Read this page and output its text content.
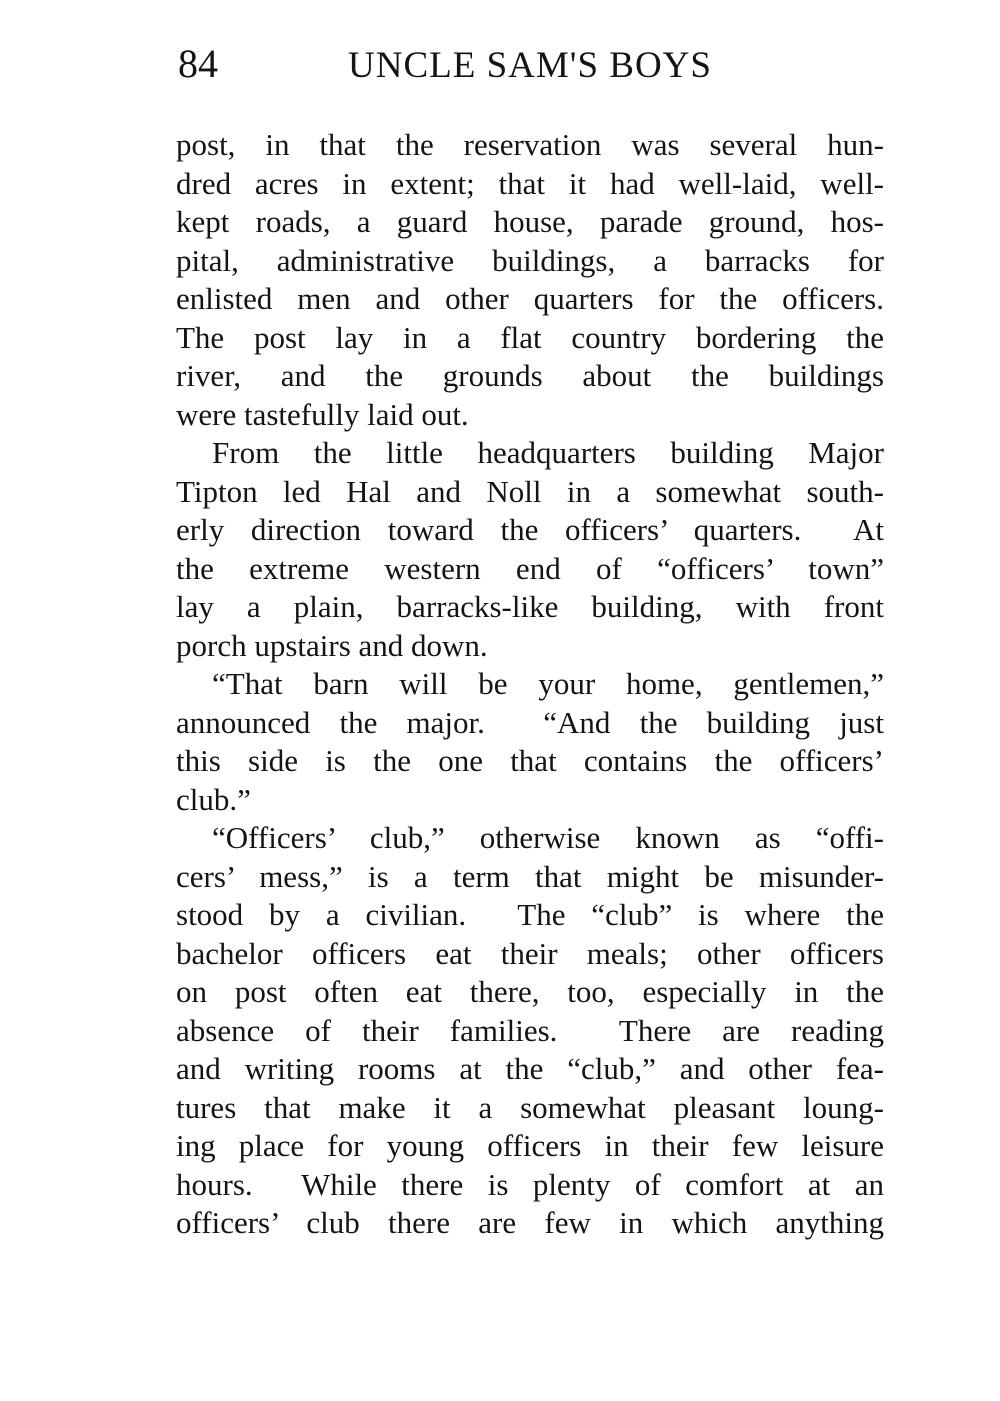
84	UNCLE SAM'S BOYS
post, in that the reservation was several hun-
dred acres in extent; that it had well-laid, well-
kept roads, a guard house, parade ground, hos-
pital, administrative buildings, a barracks for
enlisted men and other quarters for the officers.
The post lay in a flat country bordering the
river, and the grounds about the buildings
were tastefully laid out.
From the little headquarters building Major
Tipton led Hal and Noll in a somewhat south-
erly direction toward the officers’ quarters.  At
the extreme western end of “officers’ town”
lay a plain, barracks-like building, with front
porch upstairs and down.
“That barn will be your home, gentlemen,”
announced the major.  “And the building just
this side is the one that contains the officers’
club.”
“Officers’ club,” otherwise known as “offi-
cers’ mess,” is a term that might be misunder-
stood by a civilian.  The “club” is where the
bachelor officers eat their meals; other officers
on post often eat there, too, especially in the
absence of their families.  There are reading
and writing rooms at the “club,” and other fea-
tures that make it a somewhat pleasant loung-
ing place for young officers in their few leisure
hours.  While there is plenty of comfort at an
officers’ club there are few in which anything
